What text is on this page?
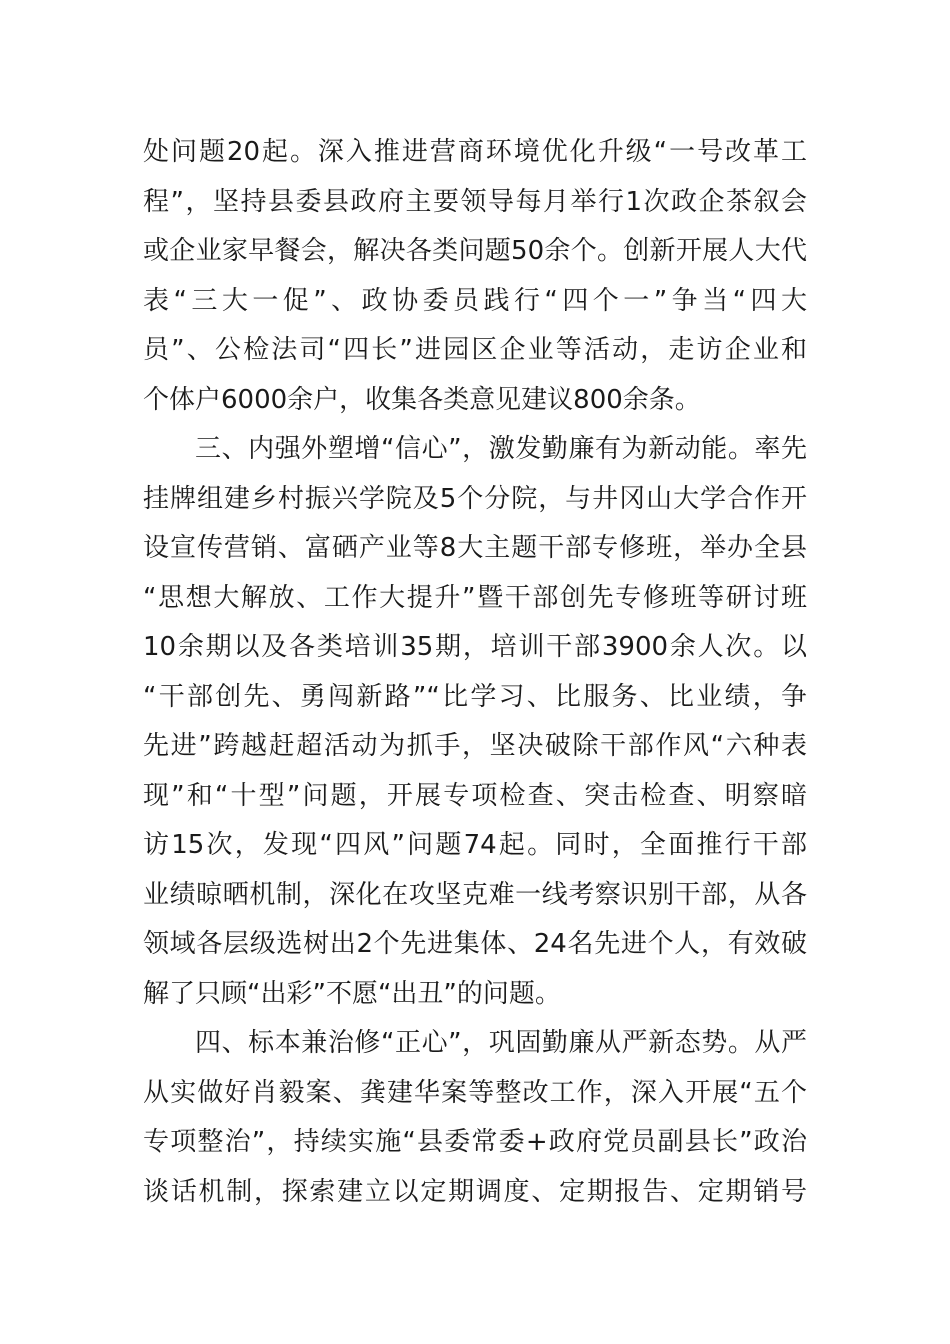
处问题20起。深入推进营商环境优化升级“一号改革工
程”，坚持县委县政府主要领导每月举行1次政企茶叙会
或企业家早餐会，解决各类问题50余个。创新开展人大代
表“三大一促”、政协委员践行“四个一”争当“四大
员”、公检法司“四长”进园区企业等活动，走访企业和
个体户6000余户，收集各类意见建议800余条。
三、内强外塑增“信心”，激发勤廉有为新动能。率先
挂牌组建乡村振兴学院及5个分院，与井冈山大学合作开
设宣传营销、富硒产业等8大主题干部专修班，举办全县
“思想大解放、工作大提升”暨干部创先专修班等研讨班
10余期以及各类培训35期，培训干部3900余人次。以
“干部创先、勇闯新路”“比学习、比服务、比业绩，争
先进”跨越赶超活动为抓手，坚决破除干部作风“六种表
现”和“十型”问题，开展专项检查、突击检查、明察暗
访15次，发现“四风”问题74起。同时，全面推行干部
业绩晾晒机制，深化在攻坚克难一线考察识别干部，从各
领域各层级选树出2个先进集体、24名先进个人，有效破
解了只顾“出彩”不愿“出丑”的问题。
四、标本兼治修“正心”，巩固勤廉从严新态势。从严
从实做好肖毅案、龚建华案等整改工作，深入开展“五个
专项整治”，持续实施“县委常委+政府党员副县长”政治
谈话机制，探索建立以定期调度、定期报告、定期销号
